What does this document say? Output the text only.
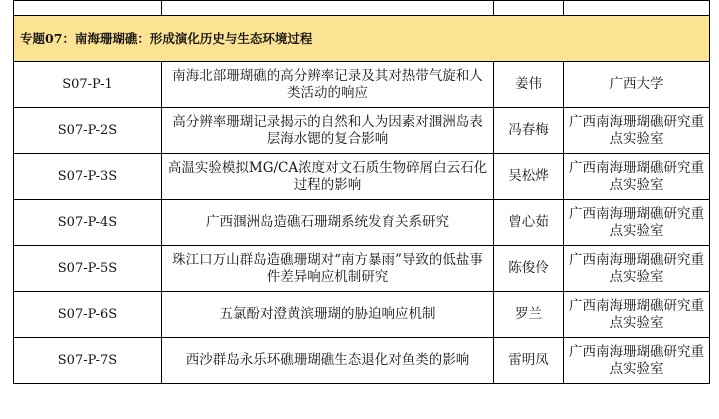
专题07：南海珊瑚礁：形成演化历史与生态环境过程			
S07-P-1	南海北部珊瑚礁的高分辨率记录及其对热带气旋和人类活动的响应	姜伟	广西大学
S07-P-2S	高分辨率珊瑚记录揭示的自然和人为因素对涠洲岛表层海水锶的复合影响	冯春梅	广西南海珊瑚礁研究重点实验室
S07-P-3S	高温实验模拟MG/CA浓度对文石质生物碎屑白云石化过程的影响	吴松烨	广西南海珊瑚礁研究重点实验室
S07-P-4S	广西涠洲岛造礁石珊瑚系统发育关系研究	曾心茹	广西南海珊瑚礁研究重点实验室
S07-P-5S	珠江口万山群岛造礁珊瑚对“南方暴雨”导致的低盐事件差异响应机制研究	陈俊伶	广西南海珊瑚礁研究重点实验室
S07-P-6S	五氯酚对澄黄滨珊瑚的胁迫响应机制	罗兰	广西南海珊瑚礁研究重点实验室
S07-P-7S	西沙群岛永乐环礁珊瑚礁生态退化对鱼类的影响	雷明凤	广西南海珊瑚礁研究重点实验室
